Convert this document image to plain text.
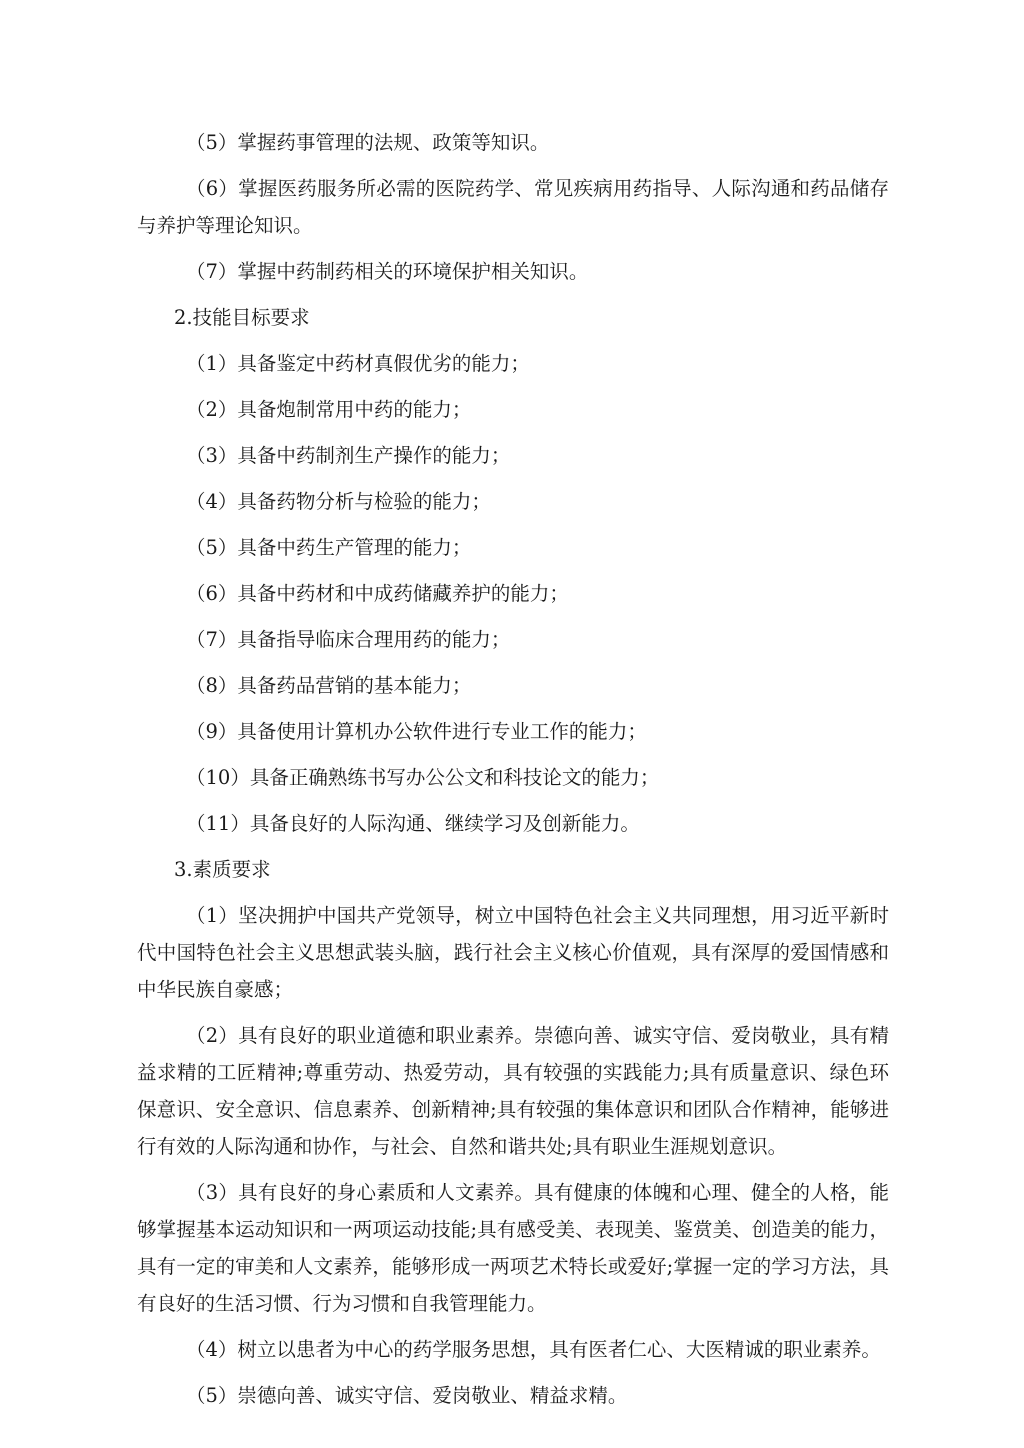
（5）掌握药事管理的法规、政策等知识。

（6）掌握医药服务所必需的医院药学、常见疾病用药指导、人际沟通和药品储存与养护等理论知识。

（7）掌握中药制药相关的环境保护相关知识。

2.技能目标要求

（1）具备鉴定中药材真假优劣的能力；

（2）具备炮制常用中药的能力；

（3）具备中药制剂生产操作的能力；

（4）具备药物分析与检验的能力；

（5）具备中药生产管理的能力；

（6）具备中药材和中成药储藏养护的能力；

（7）具备指导临床合理用药的能力；

（8）具备药品营销的基本能力；

（9）具备使用计算机办公软件进行专业工作的能力；

（10）具备正确熟练书写办公公文和科技论文的能力；

（11）具备良好的人际沟通、继续学习及创新能力。

3.素质要求

（1）坚决拥护中国共产党领导，树立中国特色社会主义共同理想，用习近平新时代中国特色社会主义思想武装头脑，践行社会主义核心价值观，具有深厚的爱国情感和中华民族自豪感；

（2）具有良好的职业道德和职业素养。崇德向善、诚实守信、爱岗敬业，具有精益求精的工匠精神;尊重劳动、热爱劳动，具有较强的实践能力;具有质量意识、绿色环保意识、安全意识、信息素养、创新精神;具有较强的集体意识和团队合作精神，能够进行有效的人际沟通和协作，与社会、自然和谐共处;具有职业生涯规划意识。

（3）具有良好的身心素质和人文素养。具有健康的体魄和心理、健全的人格，能够掌握基本运动知识和一两项运动技能;具有感受美、表现美、鉴赏美、创造美的能力，具有一定的审美和人文素养，能够形成一两项艺术特长或爱好;掌握一定的学习方法，具有良好的生活习惯、行为习惯和自我管理能力。

（4）树立以患者为中心的药学服务思想，具有医者仁心、大医精诚的职业素养。

（5）崇德向善、诚实守信、爱岗敬业、精益求精。
